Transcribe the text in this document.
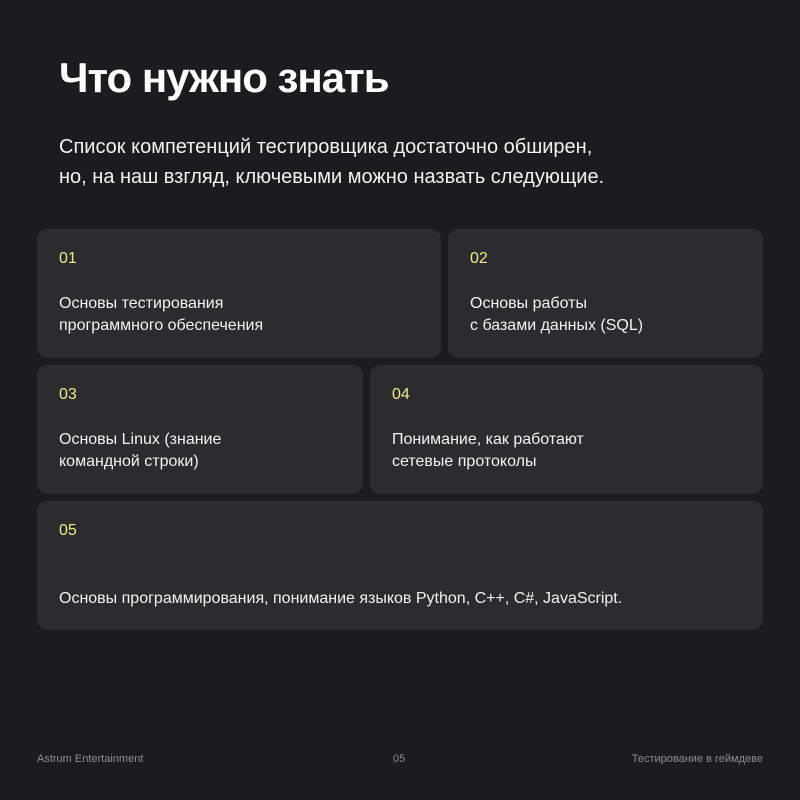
Что нужно знать

Список компетенций тестировщика достаточно обширен,
но, на наш взгляд, ключевыми можно назвать следующие.

01
Основы тестирования
программного обеспечения
02
Основы работы
с базами данных (SQL)
03
Основы Linux (знание
командной строки)
04
Понимание, как работают
сетевые протоколы
05
Основы программирования, понимание языков Python, C++, C#, JavaScript.
Astrum Entertainment	05	Тестирование в геймдеве
